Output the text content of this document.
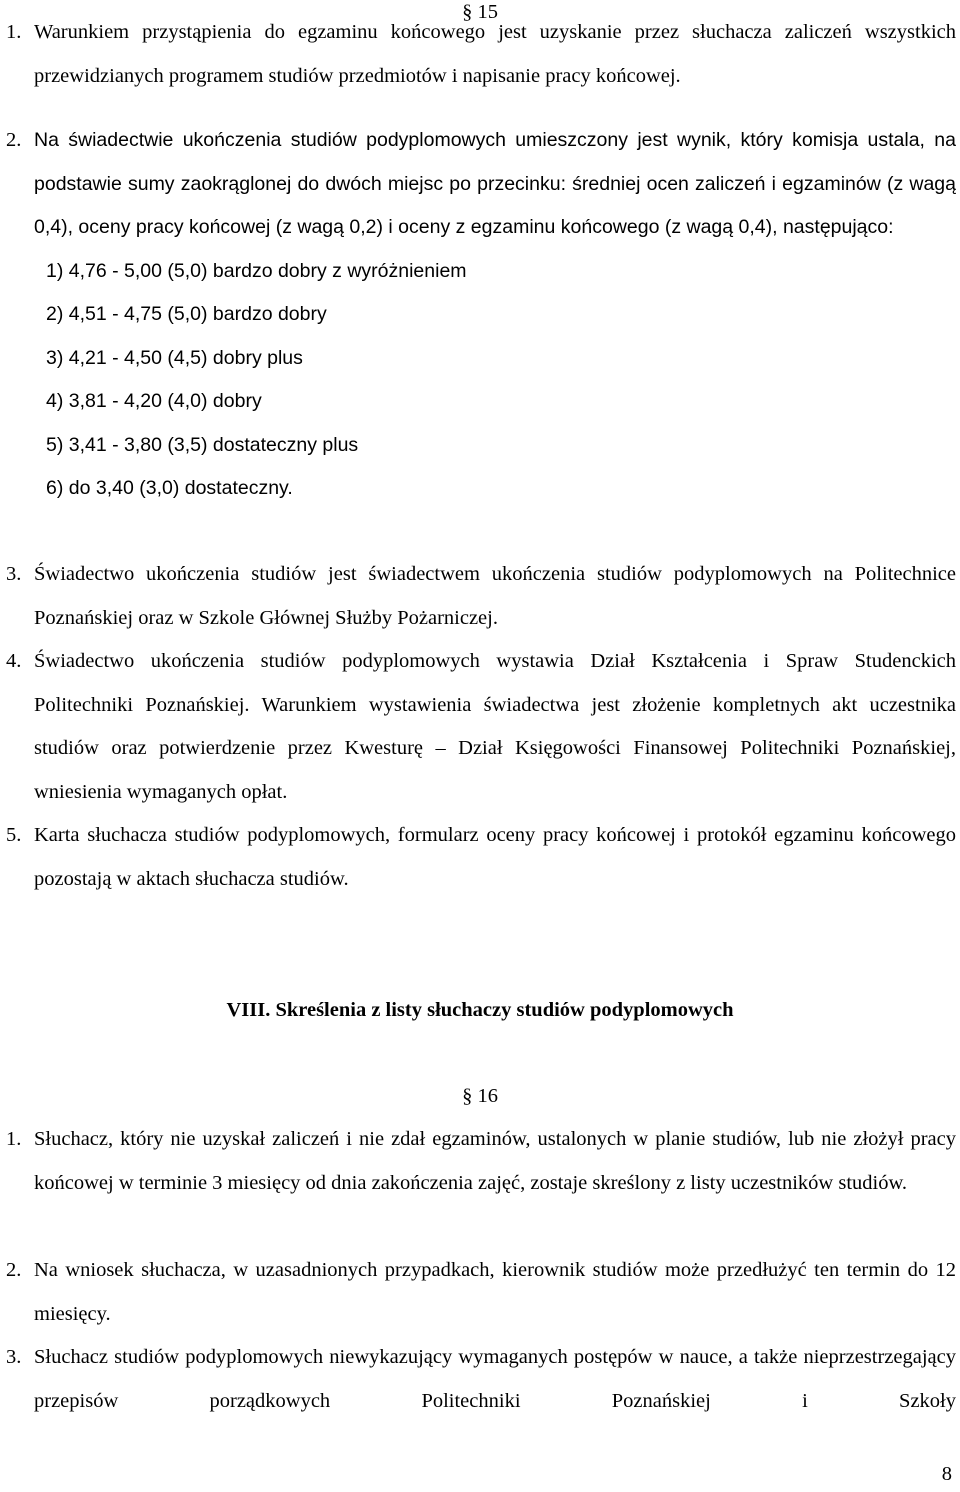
§ 15
1. Warunkiem przystąpienia do egzaminu końcowego jest uzyskanie przez słuchacza zaliczeń wszystkich przewidzianych programem studiów przedmiotów i napisanie pracy końcowej.
2. Na świadectwie ukończenia studiów podyplomowych umieszczony jest wynik, który komisja ustala, na podstawie sumy zaokrąglonej do dwóch miejsc po przecinku: średniej ocen zaliczeń i egzaminów (z wagą 0,4), oceny pracy końcowej (z wagą 0,2) i oceny z egzaminu końcowego (z wagą 0,4), następująco:
1) 4,76 - 5,00 (5,0) bardzo dobry z wyróżnieniem
2) 4,51 - 4,75 (5,0) bardzo dobry
3) 4,21 - 4,50 (4,5) dobry plus
4) 3,81 - 4,20 (4,0) dobry
5) 3,41 - 3,80 (3,5) dostateczny plus
6) do 3,40 (3,0) dostateczny.
3. Świadectwo ukończenia studiów jest świadectwem ukończenia studiów podyplomowych na Politechnice Poznańskiej oraz w Szkole Głównej Służby Pożarniczej.
4. Świadectwo ukończenia studiów podyplomowych wystawia Dział Kształcenia i Spraw Studenckich Politechniki Poznańskiej. Warunkiem wystawienia świadectwa jest złożenie kompletnych akt uczestnika studiów oraz potwierdzenie przez Kwesturę – Dział Księgowości Finansowej Politechniki Poznańskiej, wniesienia wymaganych opłat.
5. Karta słuchacza studiów podyplomowych, formularz oceny pracy końcowej i protokół egzaminu końcowego pozostają w aktach słuchacza studiów.
VIII. Skreślenia z listy słuchaczy studiów podyplomowych
§ 16
1. Słuchacz, który nie uzyskał zaliczeń i nie zdał egzaminów, ustalonych w planie studiów, lub nie złożył pracy końcowej w terminie 3 miesięcy od dnia zakończenia zajęć, zostaje skreślony z listy uczestników studiów.
2. Na wniosek słuchacza, w uzasadnionych przypadkach, kierownik studiów może przedłużyć ten termin do 12 miesięcy.
3. Słuchacz studiów podyplomowych niewykazujący wymaganych postępów w nauce, a także nieprzestrzegający przepisów porządkowych Politechniki Poznańskiej i Szkoły
8
